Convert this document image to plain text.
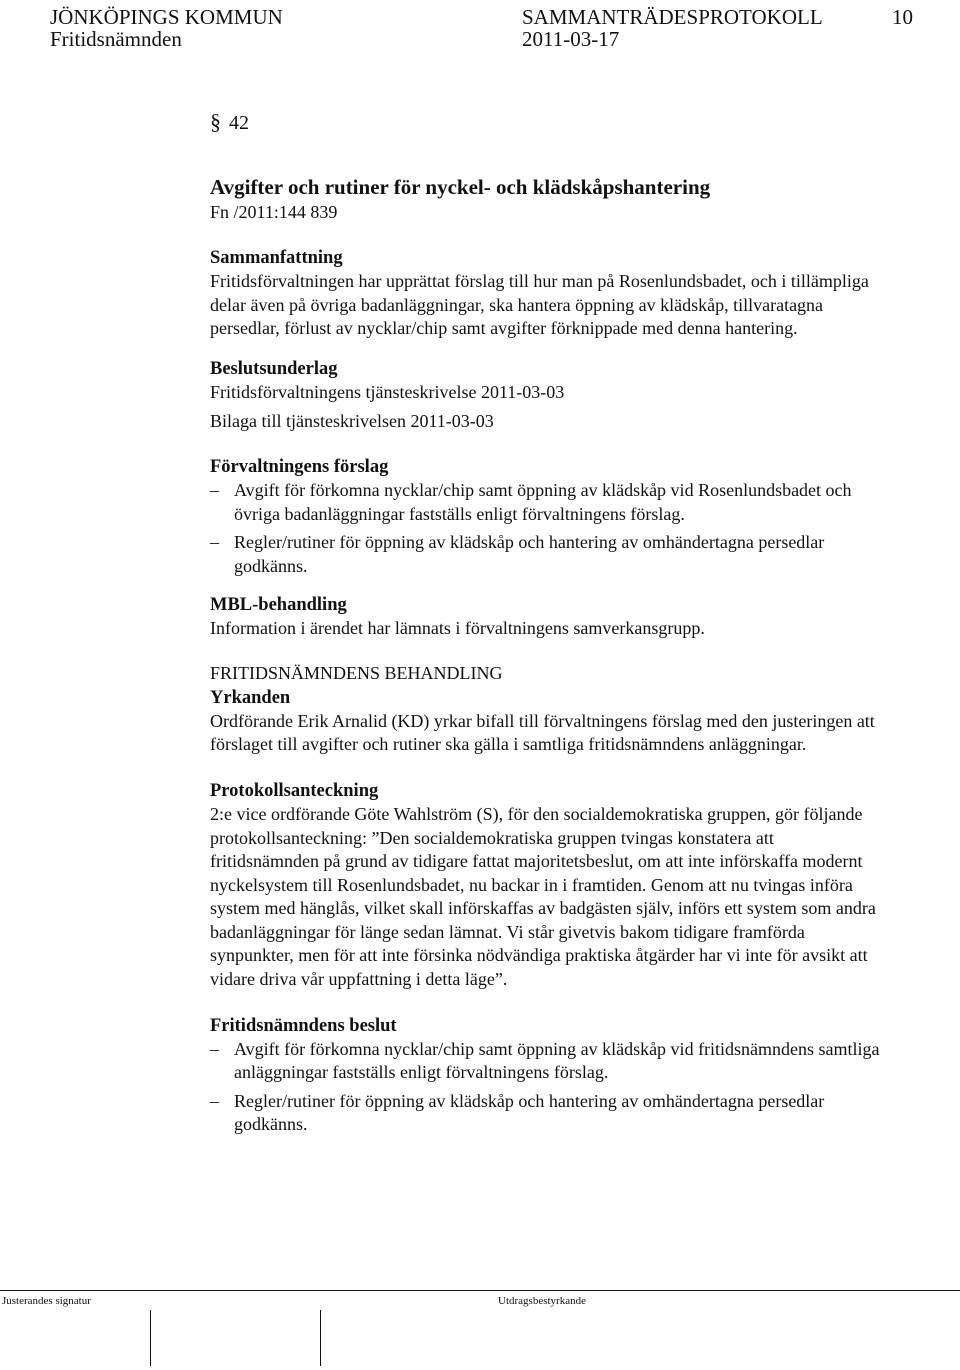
JÖNKÖPINGS KOMMUN	SAMMANTRÄDESPROTOKOLL	10
Fritidsnämnden	2011-03-17
§ 42
Avgifter och rutiner för nyckel- och klädskåpshantering

Fn /2011:144 839

Sammanfattning

Fritidsförvaltningen har upprättat förslag till hur man på Rosenlundsbadet, och i tillämpliga delar även på övriga badanläggningar, ska hantera öppning av klädskåp, tillvaratagna persedlar, förlust av nycklar/chip samt avgifter förknippade med denna hantering.

Beslutsunderlag

Fritidsförvaltningens tjänsteskrivelse 2011-03-03

Bilaga till tjänsteskrivelsen 2011-03-03

Förvaltningens förslag
– Avgift för förkomna nycklar/chip samt öppning av klädskåp vid Rosenlundsbadet och övriga badanläggningar fastställs enligt förvaltningens förslag.
– Regler/rutiner för öppning av klädskåp och hantering av omhändertagna persedlar godkänns.
MBL-behandling

Information i ärendet har lämnats i förvaltningens samverkansgrupp.

FRITIDSNÄMNDENS BEHANDLING

Yrkanden

Ordförande Erik Arnalid (KD) yrkar bifall till förvaltningens förslag med den justeringen att förslaget till avgifter och rutiner ska gälla i samtliga fritidsnämndens anläggningar.

Protokollsanteckning

2:e vice ordförande Göte Wahlström (S), för den socialdemokratiska gruppen, gör följande protokollsanteckning: ”Den socialdemokratiska gruppen tvingas konstatera att fritidsnämnden på grund av tidigare fattat majoritetsbeslut, om att inte införskaffa modernt nyckelsystem till Rosenlundsbadet, nu backar in i framtiden. Genom att nu tvingas införa system med hänglås, vilket skall införskaffas av badgästen själv, införs ett system som andra badanläggningar för länge sedan lämnat. Vi står givetvis bakom tidigare framförda synpunkter, men för att inte försinka nödvändiga praktiska åtgärder har vi inte för avsikt att vidare driva vår uppfattning i detta läge”.

Fritidsnämndens beslut
– Avgift för förkomna nycklar/chip samt öppning av klädskåp vid fritidsnämndens samtliga anläggningar fastställs enligt förvaltningens förslag.
– Regler/rutiner för öppning av klädskåp och hantering av omhändertagna persedlar godkänns.
Justerandes signatur	Utdragsbestyrkande
